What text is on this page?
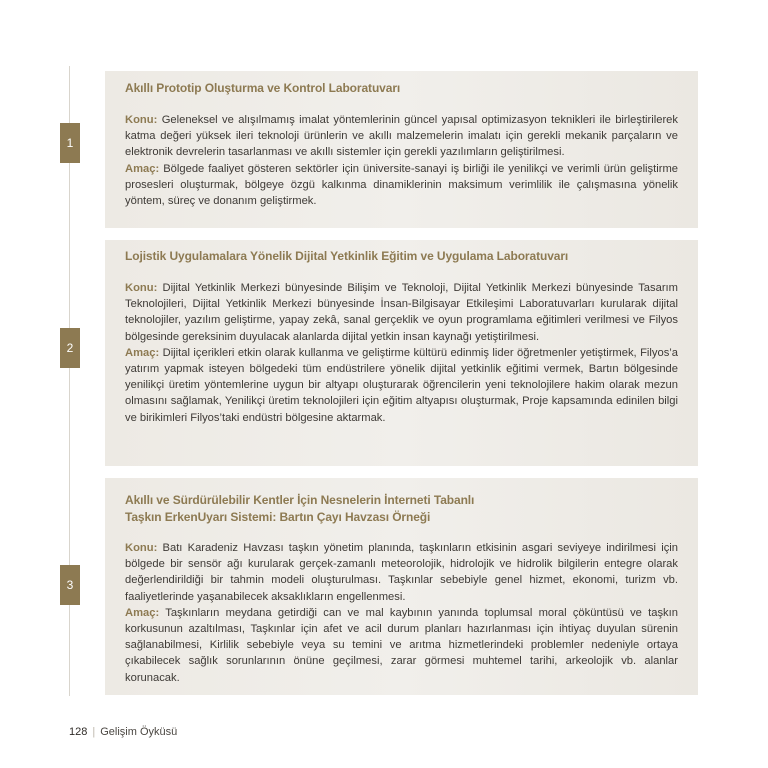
1
2
3
Akıllı Prototip Oluşturma ve Kontrol Laboratuvarı

Konu: Geleneksel ve alışılmamış imalat yöntemlerinin güncel yapısal optimizasyon teknikleri ile birleştirilerek katma değeri yüksek ileri teknoloji ürünlerin ve akıllı malzemelerin imalatı için gerekli mekanik parçaların ve elektronik devrelerin tasarlanması ve akıllı sistemler için gerekli yazılımların geliştirilmesi.

Amaç: Bölgede faaliyet gösteren sektörler için üniversite-sanayi iş birliği ile yenilikçi ve verimli ürün geliştirme prosesleri oluşturmak, bölgeye özgü kalkınma dinamiklerinin maksimum verimlilik ile çalışmasına yönelik yöntem, süreç ve donanım geliştirmek.

Lojistik Uygulamalara Yönelik Dijital Yetkinlik Eğitim ve Uygulama Laboratuvarı

Konu: Dijital Yetkinlik Merkezi bünyesinde Bilişim ve Teknoloji, Dijital Yetkinlik Merkezi bünyesinde Tasarım Teknolojileri, Dijital Yetkinlik Merkezi bünyesinde İnsan-Bilgisayar Etkileşimi Laboratuvarları kurularak dijital teknolojiler, yazılım geliştirme, yapay zekâ, sanal gerçeklik ve oyun programlama eğitimleri verilmesi ve Filyos bölgesinde gereksinim duyulacak alanlarda dijital yetkin insan kaynağı yetiştirilmesi.

Amaç: Dijital içerikleri etkin olarak kullanma ve geliştirme kültürü edinmiş lider öğretmenler yetiştirmek, Filyos’a yatırım yapmak isteyen bölgedeki tüm endüstrilere yönelik dijital yetkinlik eğitimi vermek, Bartın bölgesinde yenilikçi üretim yöntemlerine uygun bir altyapı oluşturarak öğrencilerin yeni teknolojilere hakim olarak mezun olmasını sağlamak, Yenilikçi üretim teknolojileri için eğitim altyapısı oluşturmak, Proje kapsamında edinilen bilgi ve birikimleri Filyos’taki endüstri bölgesine aktarmak.

Akıllı ve Sürdürülebilir Kentler İçin Nesnelerin İnterneti Tabanlı
Taşkın ErkenUyarı Sistemi: Bartın Çayı Havzası Örneği

Konu: Batı Karadeniz Havzası taşkın yönetim planında, taşkınların etkisinin asgari seviyeye indirilmesi için bölgede bir sensör ağı kurularak gerçek-zamanlı meteorolojik, hidrolojik ve hidrolik bilgilerin entegre olarak değerlendirildiği bir tahmin modeli oluşturulması. Taşkınlar sebebiyle genel hizmet, ekonomi, turizm vb. faaliyetlerinde yaşanabilecek aksaklıkların engellenmesi.

Amaç: Taşkınların meydana getirdiği can ve mal kaybının yanında toplumsal moral çöküntüsü ve taşkın korkusunun azaltılması, Taşkınlar için afet ve acil durum planları hazırlanması için ihtiyaç duyulan sürenin sağlanabilmesi, Kirlilik sebebiyle veya su temini ve arıtma hizmetlerindeki problemler nedeniyle ortaya çıkabilecek sağlık sorunlarının önüne geçilmesi, zarar görmesi muhtemel tarihi, arkeolojik vb. alanlar korunacak.

128 | Gelişim Öyküsü
